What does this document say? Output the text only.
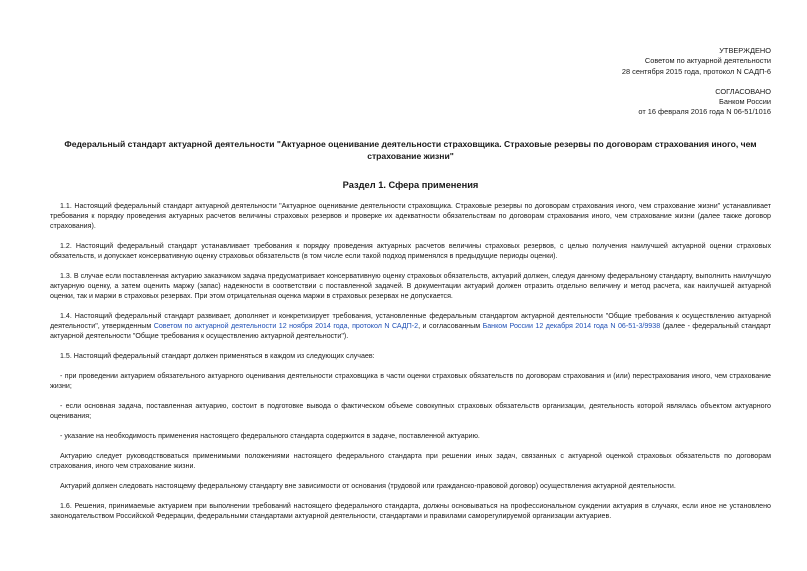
УТВЕРЖДЕНО
Советом по актуарной деятельности
28 сентября 2015 года, протокол N САДП-6
СОГЛАСОВАНО
Банком России
от 16 февраля 2016 года N 06-51/1016
Федеральный стандарт актуарной деятельности "Актуарное оценивание деятельности страховщика. Страховые резервы по договорам страхования иного, чем страхование жизни"
Раздел 1. Сфера применения

1.1. Настоящий федеральный стандарт актуарной деятельности "Актуарное оценивание деятельности страховщика. Страховые резервы по договорам страхования иного, чем страхование жизни" устанавливает требования к порядку проведения актуарных расчетов величины страховых резервов и проверке их адекватности обязательствам по договорам страхования иного, чем страхование жизни (далее также договор страхования).

1.2. Настоящий федеральный стандарт устанавливает требования к порядку проведения актуарных расчетов величины страховых резервов, с целью получения наилучшей актуарной оценки страховых обязательств, и допускает консервативную оценку страховых обязательств (в том числе если такой подход применялся в предыдущие периоды оценки).

1.3. В случае если поставленная актуарию заказчиком задача предусматривает консервативную оценку страховых обязательств, актуарий должен, следуя данному федеральному стандарту, выполнить наилучшую актуарную оценку, а затем оценить маржу (запас) надежности в соответствии с поставленной задачей. В документации актуарий должен отразить отдельно величину и метод расчета, как наилучшей актуарной оценки, так и маржи в страховых резервах. При этом отрицательная оценка маржи в страховых резервах не допускается.

1.4. Настоящий федеральный стандарт развивает, дополняет и конкретизирует требования, установленные федеральным стандартом актуарной деятельности "Общие требования к осуществлению актуарной деятельности", утвержденным Советом по актуарной деятельности 12 ноября 2014 года, протокол N САДП-2, и согласованным Банком России 12 декабря 2014 года N 06-51-3/9938 (далее - федеральный стандарт актуарной деятельности "Общие требования к осуществлению актуарной деятельности").

1.5. Настоящий федеральный стандарт должен применяться в каждом из следующих случаев:

- при проведении актуарием обязательного актуарного оценивания деятельности страховщика в части оценки страховых обязательств по договорам страхования и (или) перестрахования иного, чем страхование жизни;

- если основная задача, поставленная актуарию, состоит в подготовке вывода о фактическом объеме совокупных страховых обязательств организации, деятельность которой являлась объектом актуарного оценивания;

- указание на необходимость применения настоящего федерального стандарта содержится в задаче, поставленной актуарию.

Актуарию следует руководствоваться применимыми положениями настоящего федерального стандарта при решении иных задач, связанных с актуарной оценкой страховых обязательств по договорам страхования, иного чем страхование жизни.

Актуарий должен следовать настоящему федеральному стандарту вне зависимости от основания (трудовой или гражданско-правовой договор) осуществления актуарной деятельности.

1.6. Решения, принимаемые актуарием при выполнении требований настоящего федерального стандарта, должны основываться на профессиональном суждении актуария в случаях, если иное не установлено законодательством Российской Федерации, федеральными стандартами актуарной деятельности, стандартами и правилами саморегулируемой организации актуариев.
